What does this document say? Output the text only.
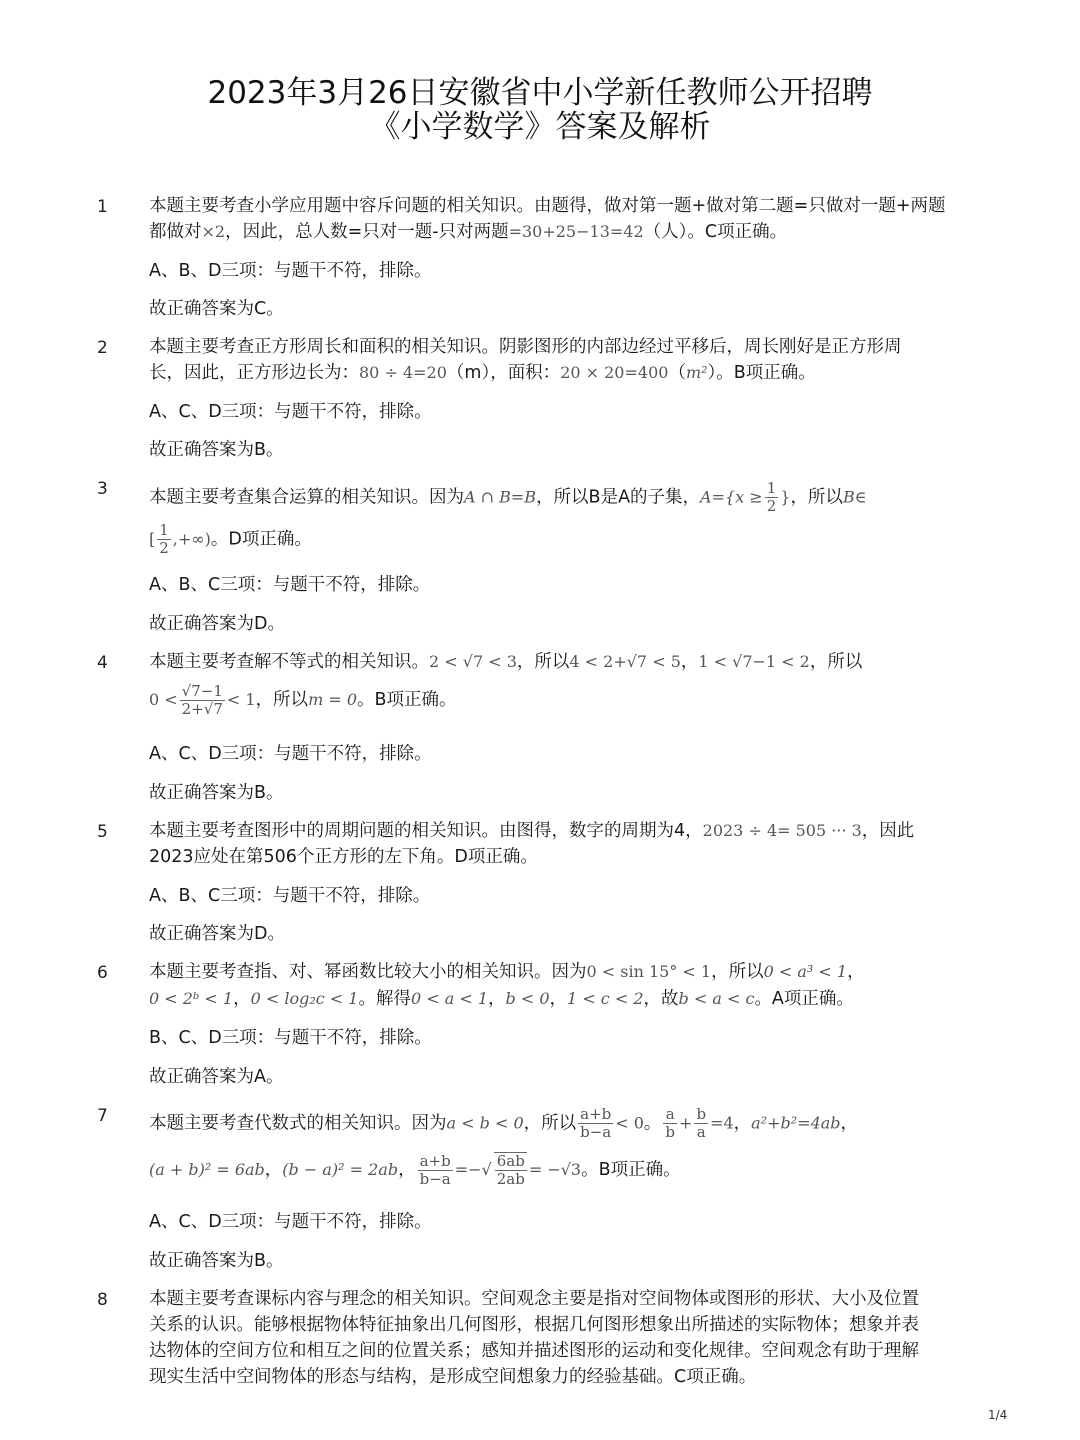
2023年3月26日安徽省中小学新任教师公开招聘
《小学数学》答案及解析
1 本题主要考查小学应用题中容斥问题的相关知识。由题得，做对第一题+做对第二题=只做对一题+两题
都做对×2，因此，总人数=只对一题-只对两题=30+25−13=42（人）。C项正确。
A、B、D三项：与题干不符，排除。
故正确答案为C。
2 本题主要考查正方形周长和面积的相关知识。阴影图形的内部边经过平移后，周长刚好是正方形周
长，因此，正方形边长为：80 ÷ 4=20（m），面积：20 × 20=400（m²）。B项正确。
A、C、D三项：与题干不符，排除。
故正确答案为B。
3 本题主要考查集合运算的相关知识。因为A ∩ B=B，所以B是A的子集，$A=\{x \ge \frac{1}{2}$ }，所以B∈
[ $\frac{1}{2}$ ,+∞)。D项正确。
A、B、C三项：与题干不符，排除。
故正确答案为D。
4 本题主要考查解不等式的相关知识。2 < √7 < 3，所以4 < 2+√7 < 5，1 < √7−1 < 2，所以
$0 < \frac{√7-1}{2+√7} < 1$，所以m = 0。B项正确。
A、C、D三项：与题干不符，排除。
故正确答案为B。
5 本题主要考查图形中的周期问题的相关知识。由图得，数字的周期为4，2023 ÷ 4= 505 ··· 3，因此
2023应处在第506个正方形的左下角。D项正确。
A、B、C三项：与题干不符，排除。
故正确答案为D。
6 本题主要考查指、对、幂函数比较大小的相关知识。因为0 < sin 15° < 1，所以0 < a³ < 1，
0 < 2ᵇ < 1，0 < log₂c < 1。解得0 < a < 1，b < 0，1 < c < 2，故b < a < c。A项正确。
B、C、D三项：与题干不符，排除。
故正确答案为A。
7 本题主要考查代数式的相关知识。因为a < b < 0，所以 $\frac{a+b}{b-a} < 0$。 $\frac{a}{b} + \frac{b}{a} =4$，a²+b²=4ab，
(a + b)² = 6ab，(b − a)² = 2ab， $\frac{a+b}{b-a}$ =−√ $\frac{6ab}{2ab} = -√3$。B项正确。
A、C、D三项：与题干不符，排除。
故正确答案为B。
8 本题主要考查课标内容与理念的相关知识。空间观念主要是指对空间物体或图形的形状、大小及位置
关系的认识。能够根据物体特征抽象出几何图形，根据几何图形想象出所描述的实际物体；想象并表
达物体的空间方位和相互之间的位置关系；感知并描述图形的运动和变化规律。空间观念有助于理解
现实生活中空间物体的形态与结构，是形成空间想象力的经验基础。C项正确。
1/4
